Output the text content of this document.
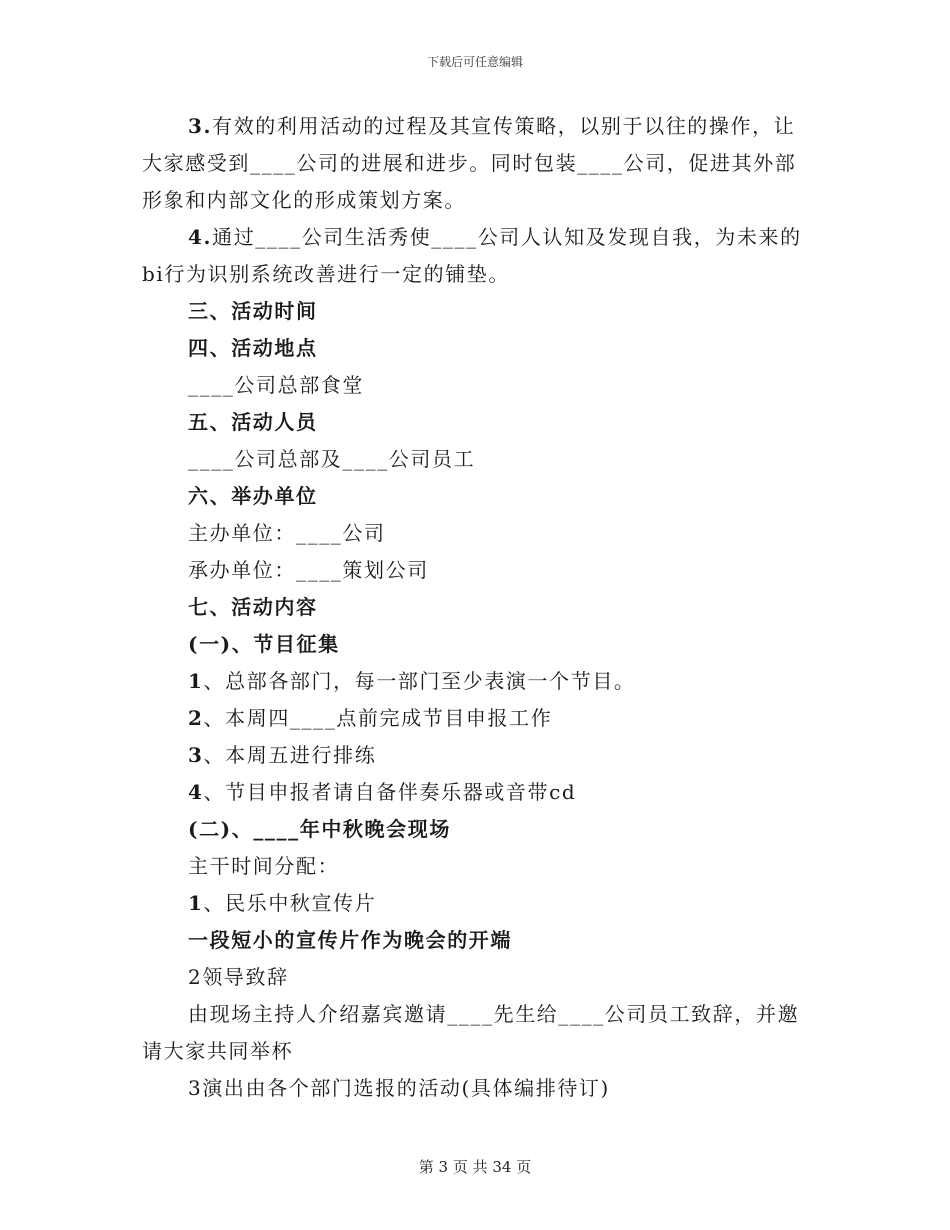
下载后可任意编辑

3.有效的利用活动的过程及其宣传策略，以别于以往的操作，让大家感受到____公司的进展和进步。同时包装____公司，促进其外部形象和内部文化的形成策划方案。

4.通过____公司生活秀使____公司人认知及发现自我，为未来的bi行为识别系统改善进行一定的铺垫。

三、活动时间

四、活动地点

____公司总部食堂

五、活动人员

____公司总部及____公司员工

六、举办单位

主办单位：____公司

承办单位：____策划公司

七、活动内容

(一)、节目征集

1、总部各部门，每一部门至少表演一个节目。

2、本周四____点前完成节目申报工作

3、本周五进行排练

4、节目申报者请自备伴奏乐器或音带cd

(二)、____年中秋晚会现场

主干时间分配：

1、民乐中秋宣传片

一段短小的宣传片作为晚会的开端

2领导致辞

由现场主持人介绍嘉宾邀请____先生给____公司员工致辞，并邀请大家共同举杯

3演出由各个部门选报的活动(具体编排待订)

第 3 页 共 34 页
